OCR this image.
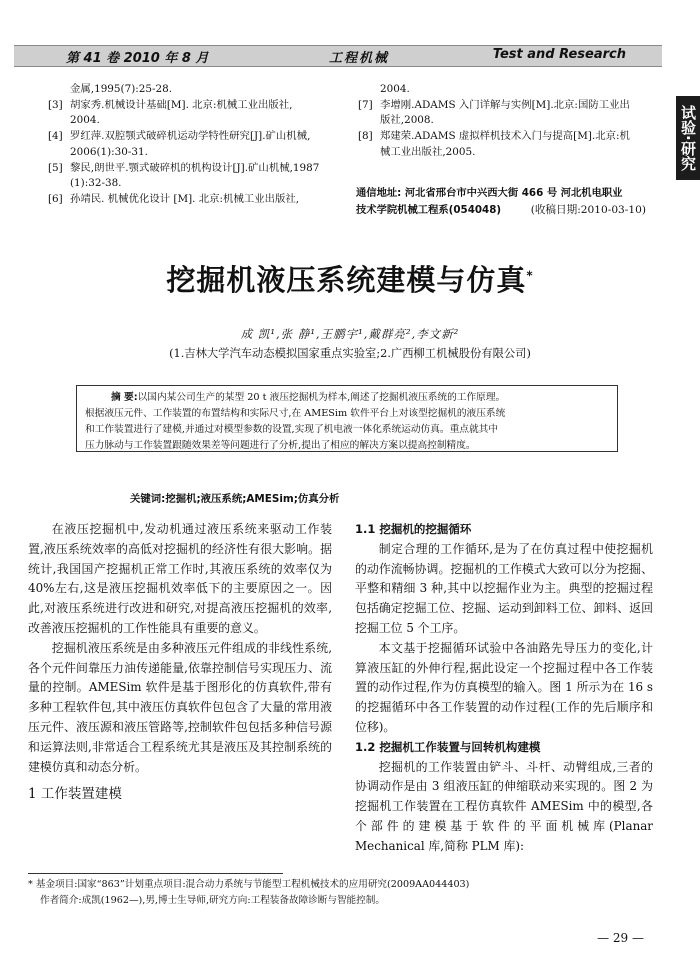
第 41 卷 2010 年 8 月	工程机械	Test and Research
试验·研究
金属,1995(7):25-28.
[3] 胡家秀.机械设计基础[M]. 北京:机械工业出版社,
2004.
[4] 罗红萍.双腔颚式破碎机运动学特性研究[J].矿山机械,
2006(1):30-31.
[5] 黎民,朗世平.颚式破碎机的机构设计[J].矿山机械,1987
(1):32-38.
[6] 孙靖民. 机械优化设计 [M]. 北京:机械工业出版社,
2004.
[7] 李增刚.ADAMS 入门详解与实例[M].北京:国防工业出
版社,2008.
[8] 郑建荣.ADAMS 虚拟样机技术入门与提高[M].北京:机
械工业出版社,2005.
通信地址: 河北省邢台市中兴西大街 466 号 河北机电职业
技术学院机械工程系(054048)	(收稿日期:2010-03-10)
挖掘机液压系统建模与仿真*
成 凯¹,张 静¹,王鹏宇¹,戴群亮²,李文新²
(1.吉林大学汽车动态模拟国家重点实验室;2.广西柳工机械股份有限公司)
摘 要:以国内某公司生产的某型 20 t 液压挖掘机为样本,阐述了挖掘机液压系统的工作原理。
根据液压元件、工作装置的布置结构和实际尺寸,在 AMESim 软件平台上对该型挖掘机的液压系统
和工作装置进行了建模,并通过对模型参数的设置,实现了机电液一体化系统运动仿真。重点就其中
压力脉动与工作装置跟随效果差等问题进行了分析,提出了相应的解决方案以提高控制精度。
关键词:挖掘机;液压系统;AMESim;仿真分析

在液压挖掘机中,发动机通过液压系统来驱动工作装置,液压系统效率的高低对挖掘机的经济性有很大影响。据统计,我国国产挖掘机正常工作时,其液压系统的效率仅为 40%左右,这是液压挖掘机效率低下的主要原因之一。因此,对液压系统进行改进和研究,对提高液压挖掘机的效率,改善液压挖掘机的工作性能具有重要的意义。

挖掘机液压系统是由多种液压元件组成的非线性系统,各个元件间靠压力油传递能量,依靠控制信号实现压力、流量的控制。AMESim 软件是基于图形化的仿真软件,带有多种工程软件包,其中液压仿真软件包包含了大量的常用液压元件、液压源和液压管路等,控制软件包包括多种信号源和运算法则,非常适合工程系统尤其是液压及其控制系统的建模仿真和动态分析。

1 工作装置建模
1.1 挖掘机的挖掘循环

制定合理的工作循环,是为了在仿真过程中使挖掘机的动作流畅协调。挖掘机的工作模式大致可以分为挖掘、平整和精细 3 种,其中以挖掘作业为主。典型的挖掘过程包括确定挖掘工位、挖掘、运动到卸料工位、卸料、返回挖掘工位 5 个工序。

本文基于挖掘循环试验中各油路先导压力的变化,计算液压缸的外伸行程,据此设定一个挖掘过程中各工作装置的动作过程,作为仿真模型的输入。图 1 所示为在 16 s 的挖掘循环中各工作装置的动作过程(工作的先后顺序和位移)。

1.2 挖掘机工作装置与回转机构建模

挖掘机的工作装置由铲斗、斗杆、动臂组成,三者的协调动作是由 3 组液压缸的伸缩联动来实现的。图 2 为挖掘机工作装置在工程仿真软件 AMESim 中的模型,各个部件的建模基于软件的平面机械库(Planar Mechanical 库,简称 PLM 库):

* 基金项目:国家“863”计划重点项目:混合动力系统与节能型工程机械技术的应用研究(2009AA044403)
作者简介:成凯(1962—),男,博士生导师,研究方向:工程装备故障诊断与智能控制。
— 29 —
